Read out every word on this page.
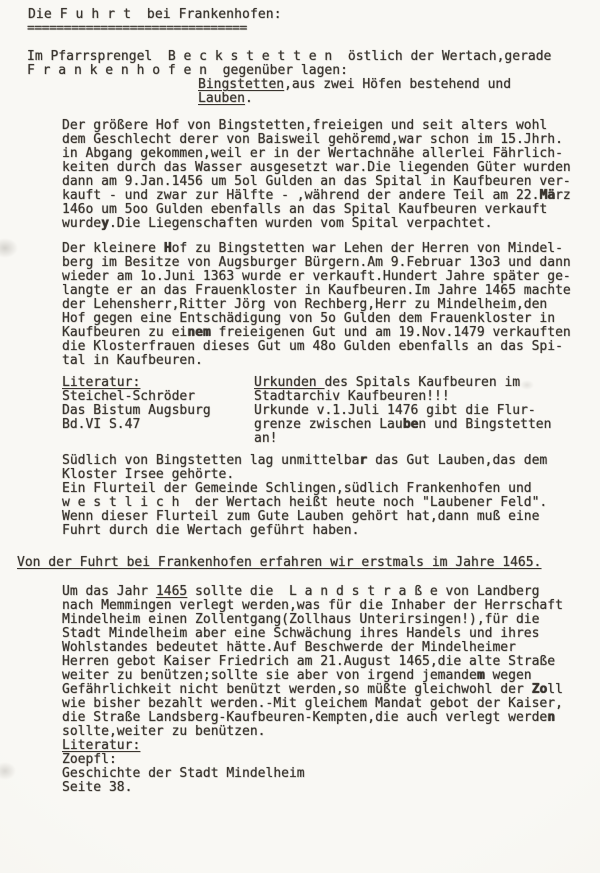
Die F u h r t  bei Frankenhofen:
==============================
Im Pfarrsprengel  B e c k s t e t t e n  östlich der Wertach,gerade
F r a n k e n h o f e n  gegenüber lagen:
Bingstetten,aus zwei Höfen bestehend und
Lauben.
Der größere Hof von Bingstetten,freieigen und seit alters wohl
dem Geschlecht derer von Baisweil gehöremd,war schon im 15.Jhrh.
in Abgang gekommen,weil er in der Wertachnähe allerlei Fährlich-
keiten durch das Wasser ausgesetzt war.Die liegenden Güter wurden
dann am 9.Jan.1456 um 5ol Gulden an das Spital in Kaufbeuren ver-
kauft - und zwar zur Hälfte - ,während der andere Teil am 22.März
146o um 5oo Gulden ebenfalls an das Spital Kaufbeuren verkauft
wurdey.Die Liegenschaften wurden vom Spital verpachtet.
Der kleinere Hof zu Bingstetten war Lehen der Herren von Mindel-
berg im Besitze von Augsburger Bürgern.Am 9.Februar 13o3 und dann
wieder am 1o.Juni 1363 wurde er verkauft.Hundert Jahre später ge-
langte er an das Frauenkloster in Kaufbeuren.Im Jahre 1465 machte
der Lehensherr,Ritter Jörg von Rechberg,Herr zu Mindelheim,den
Hof gegen eine Entschädigung von 5o Gulden dem Frauenkloster in
Kaufbeuren zu einem freieigenen Gut und am 19.Nov.1479 verkauften
die Klosterfrauen dieses Gut um 48o Gulden ebenfalls an das Spi-
tal in Kaufbeuren.
Literatur:
Steichel-Schröder
Das Bistum Augsburg
Bd.VI S.47
Urkunden des Spitals Kaufbeuren im
Stadtarchiv Kaufbeuren!!!
Urkunde v.1.Juli 1476 gibt die Flur-
grenze zwischen Lauben und Bingstetten
an!
Südlich von Bingstetten lag unmittelbar das Gut Lauben,das dem
Kloster Irsee gehörte.
Ein Flurteil der Gemeinde Schlingen,südlich Frankenhofen und
w e s t l i c h  der Wertach heißt heute noch "Laubener Feld".
Wenn dieser Flurteil zum Gute Lauben gehört hat,dann muß eine
Fuhrt durch die Wertach geführt haben.
Von der Fuhrt bei Frankenhofen erfahren wir erstmals im Jahre 1465.
Um das Jahr 1465 sollte die  L a n d s t r a ß e von Landberg
nach Memmingen verlegt werden,was für die Inhaber der Herrschaft
Mindelheim einen Zollentgang(Zollhaus Unterirsingen!),für die
Stadt Mindelheim aber eine Schwächung ihres Handels und ihres
Wohlstandes bedeutet hätte.Auf Beschwerde der Mindelheimer
Herren gebot Kaiser Friedrich am 21.August 1465,die alte Straße
weiter zu benützen;sollte sie aber von irgend jemandem wegen
Gefährlichkeit nicht benützt werden,so müßte gleichwohl der Zoll
wie bisher bezahlt werden.-Mit gleichem Mandat gebot der Kaiser,
die Straße Landsberg-Kaufbeuren-Kempten,die auch verlegt werden
sollte,weiter zu benützen.
Literatur:
Zoepfl:
Geschichte der Stadt Mindelheim
Seite 38.
